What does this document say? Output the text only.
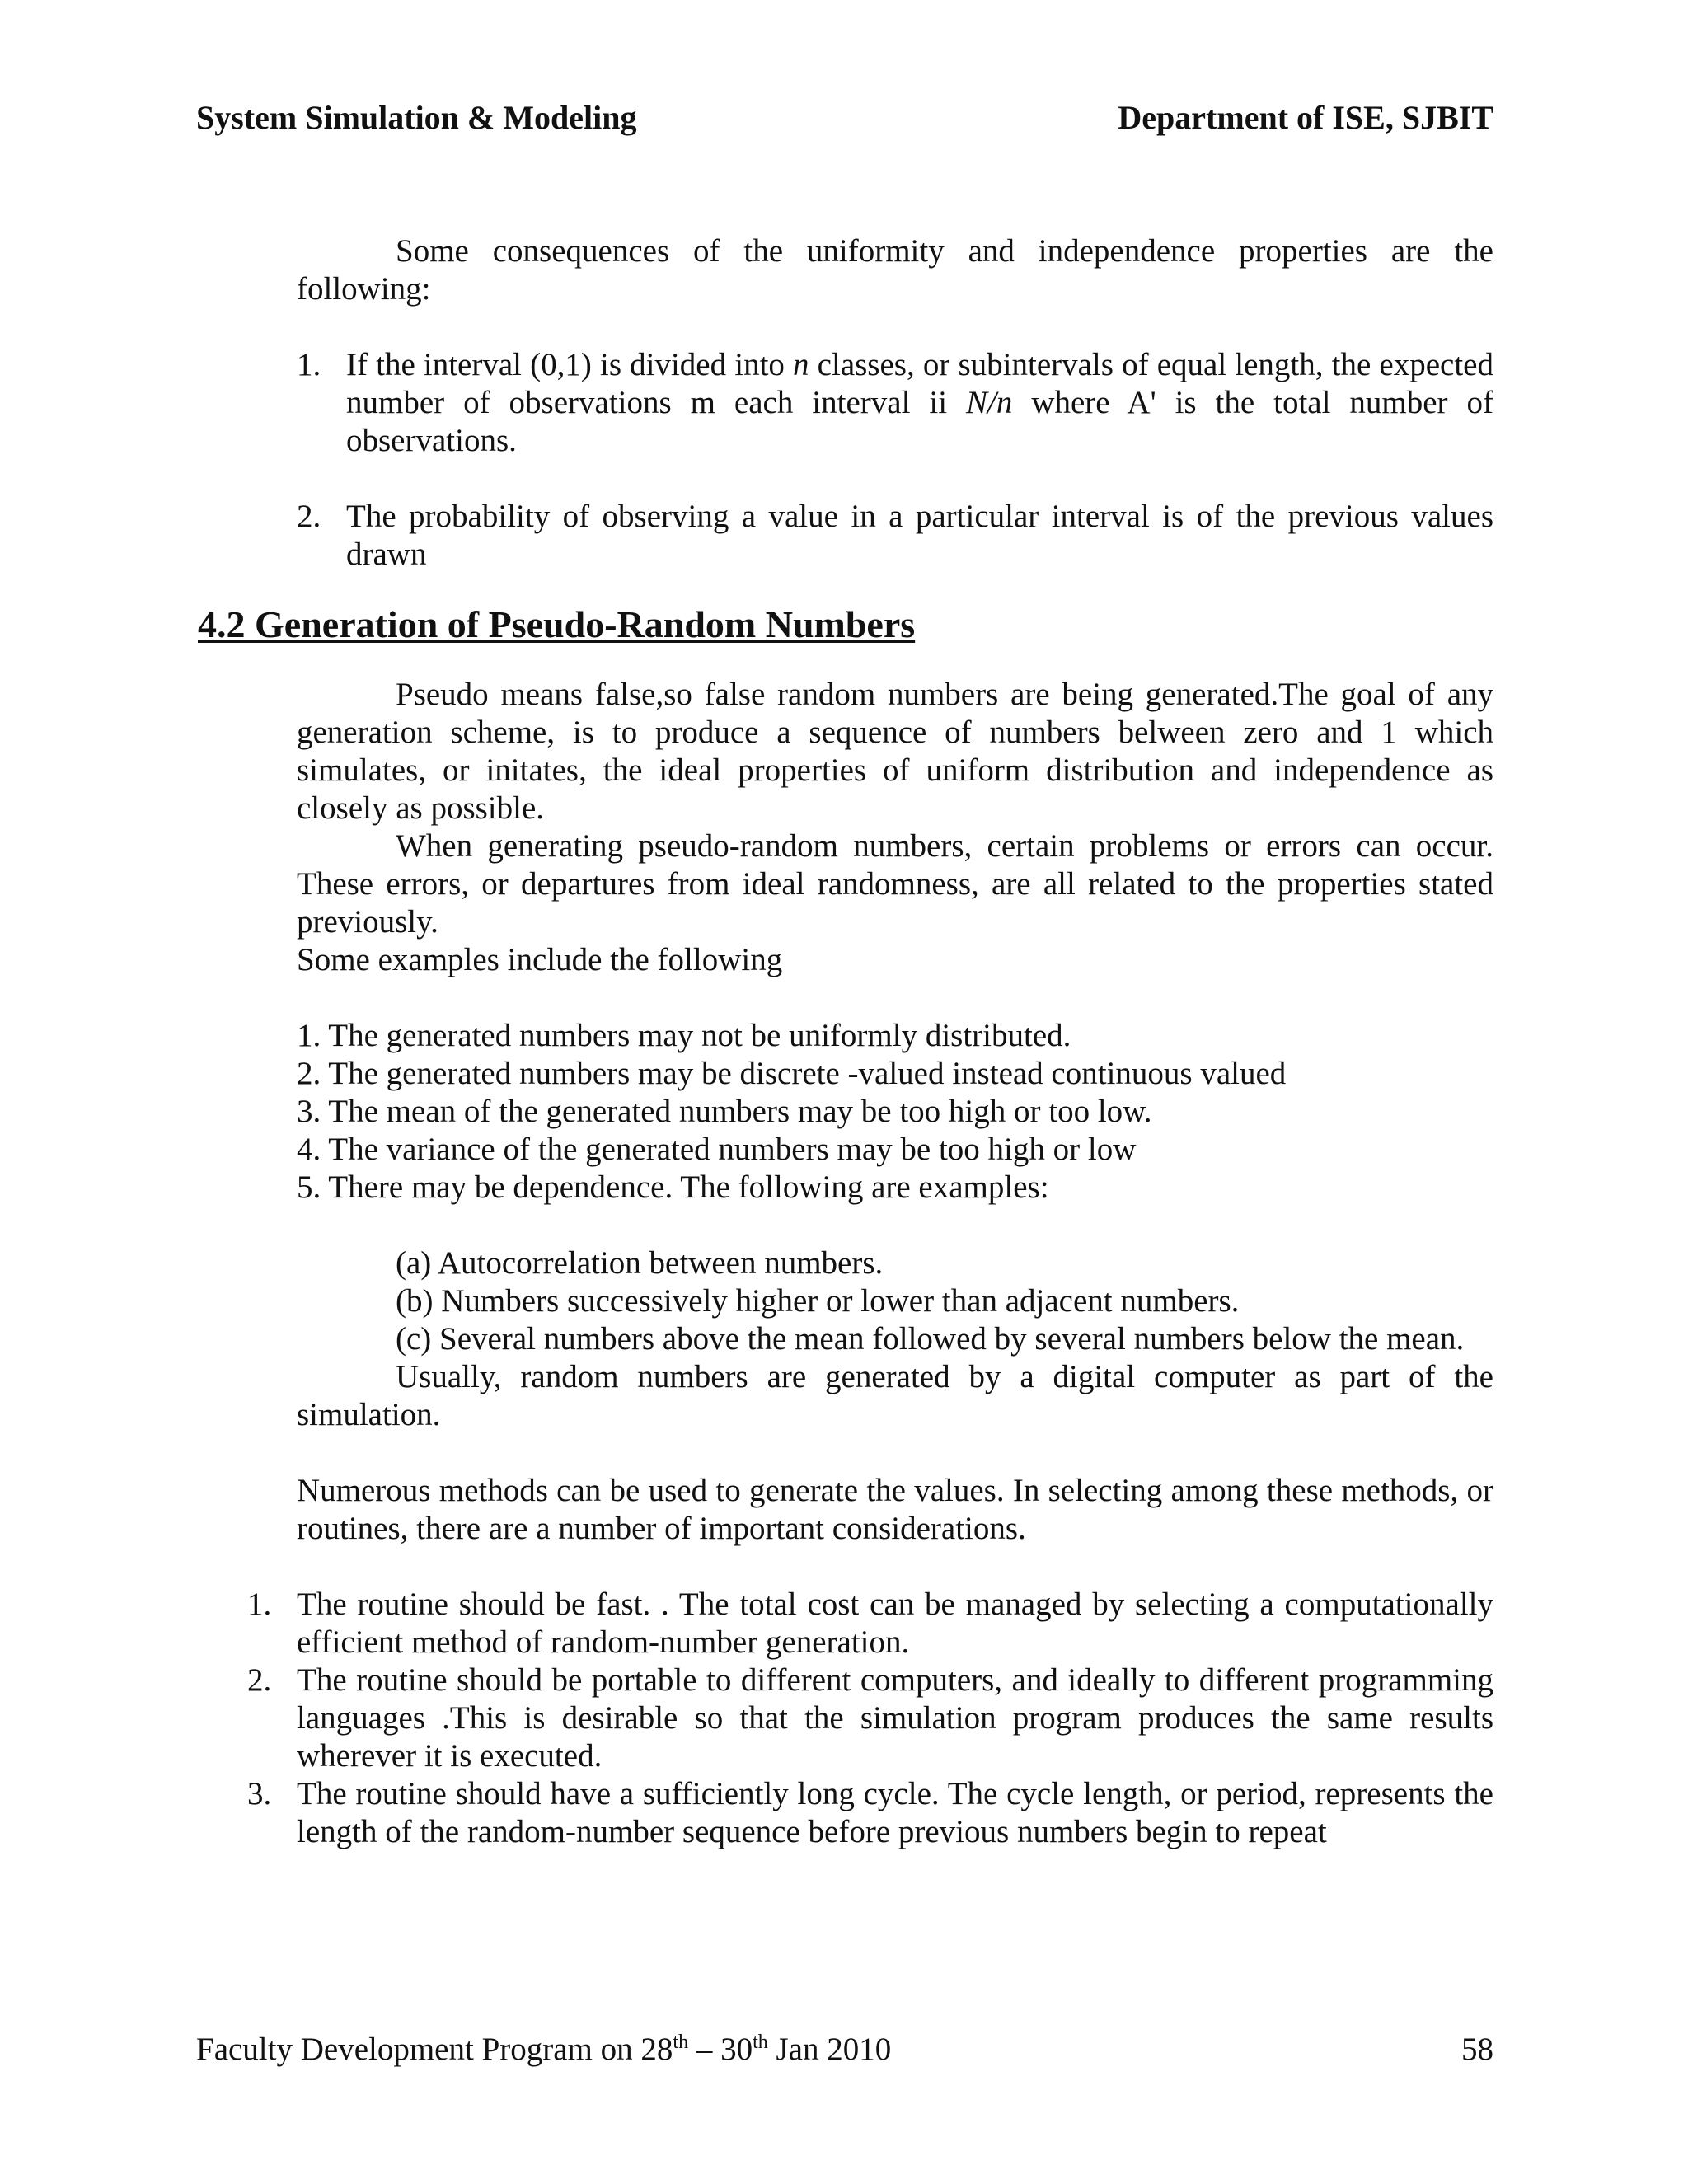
System Simulation & Modeling	Department of ISE, SJBIT

Some consequences of the uniformity and independence properties are the following:

1. If the interval (0,1) is divided into n classes, or subintervals of equal length, the expected number of observations m each interval ii N/n where A' is the total number of observations.
2. The probability of observing a value in a particular interval is of the previous values drawn
4.2 Generation of Pseudo-Random Numbers

Pseudo means false,so false random numbers are being generated.The goal of any generation scheme, is to produce a sequence of numbers belween zero and 1 which simulates, or initates, the ideal properties of uniform distribution and independence as closely as possible.

When generating pseudo-random numbers, certain problems or errors can occur. These errors, or departures from ideal randomness, are all related to the properties stated previously.

Some examples include the following

1. The generated numbers may not be uniformly distributed.

2. The generated numbers may be discrete -valued instead continuous valued

3. The mean of the generated numbers may be too high or too low.

4. The variance of the generated numbers may be too high or low

5. There may be dependence. The following are examples:

(a) Autocorrelation between numbers.

(b) Numbers successively higher or lower than adjacent numbers.

(c) Several numbers above the mean followed by several numbers below the mean.

Usually, random numbers are generated by a digital computer as part of the simulation.

Numerous methods can be used to generate the values. In selecting among these methods, or routines, there are a number of important considerations.

1. The routine should be fast. . The total cost can be managed by selecting a computationally efficient method of random-number generation.
2. The routine should be portable to different computers, and ideally to different programming languages .This is desirable so that the simulation program produces the same results wherever it is executed.
3. The routine should have a sufficiently long cycle. The cycle length, or period, represents the length of the random-number sequence before previous numbers begin to repeat
Faculty Development Program on 28th – 30th Jan 2010	58
